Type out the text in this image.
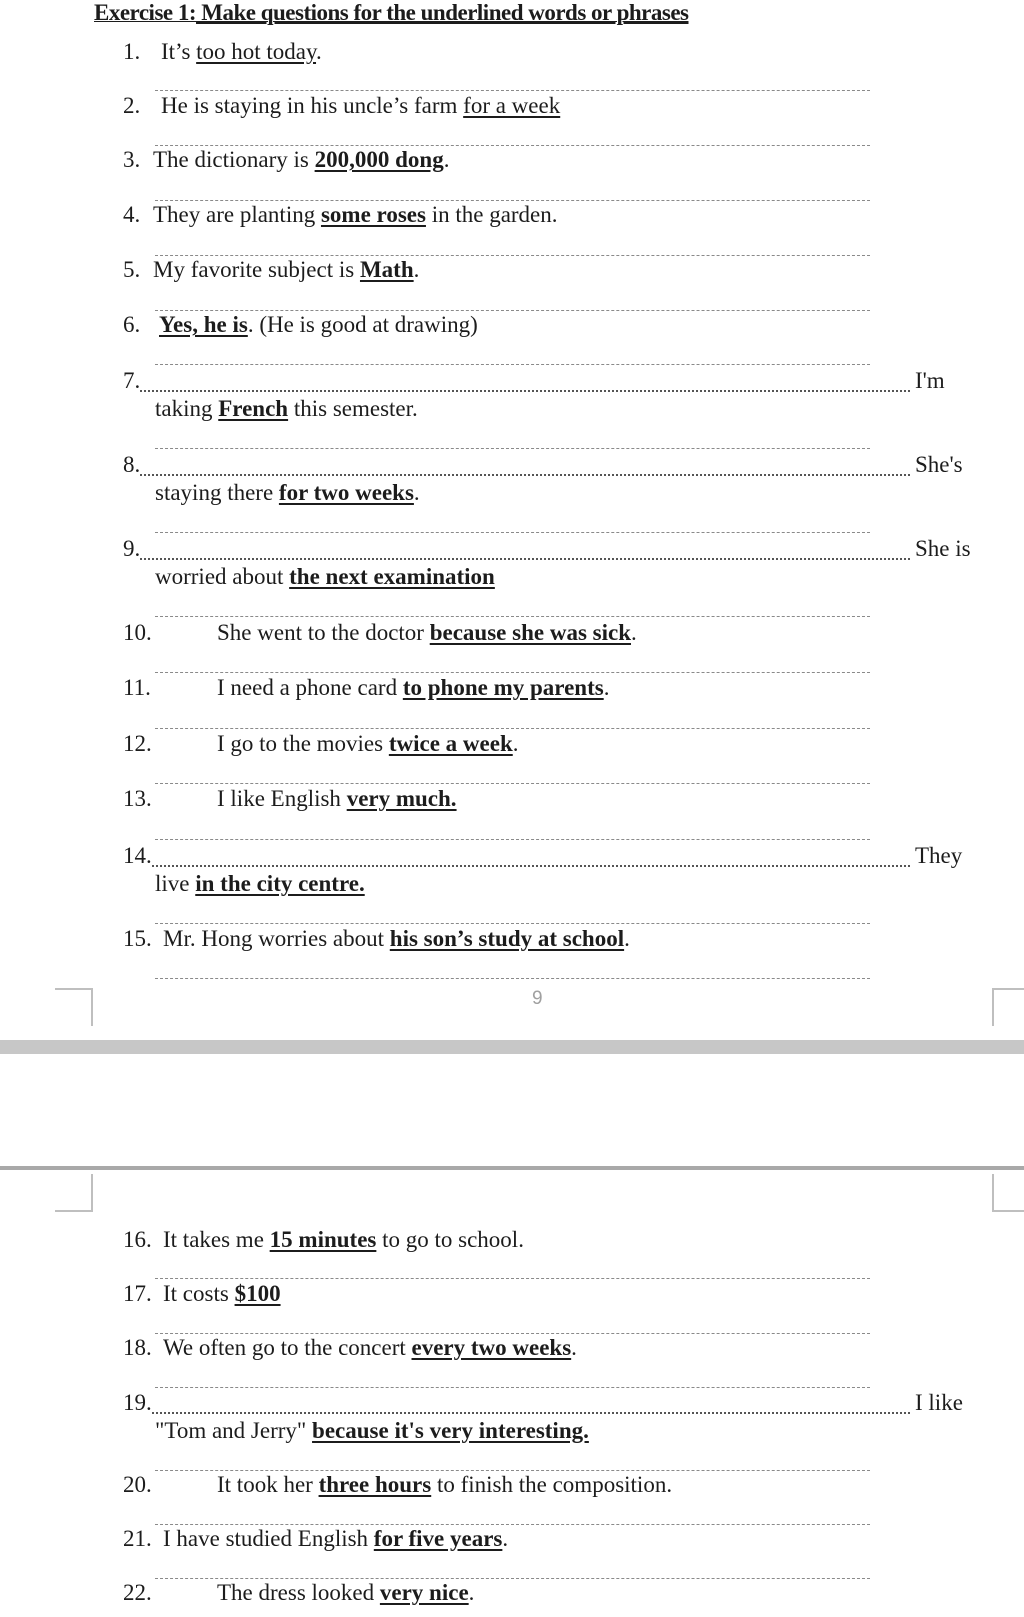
Exercise 1: Make questions for the underlined words or phrases
1. It’s too hot today.
2. He is staying in his uncle’s farm for a week
3. The dictionary is 200,000 dong.
4. They are planting some roses in the garden.
5. My favorite subject is Math.
6. Yes, he is. (He is good at drawing)
7.	I'm
taking French this semester.
8.	She's
staying there for two weeks.
9.	She is
worried about the next examination
10.	She went to the doctor because she was sick.
11.	I need a phone card to phone my parents.
12.	I go to the movies twice a week.
13.	I like English very much.
14.	They
live in the city centre.
15. Mr. Hong worries about his son’s study at school.
9
16. It takes me 15 minutes to go to school.
17. It costs $100
18. We often go to the concert every two weeks.
19.	I like
"Tom and Jerry" because it's very interesting.
20.	It took her three hours to finish the composition.
21. I have studied English for five years.
22.	The dress looked very nice.
